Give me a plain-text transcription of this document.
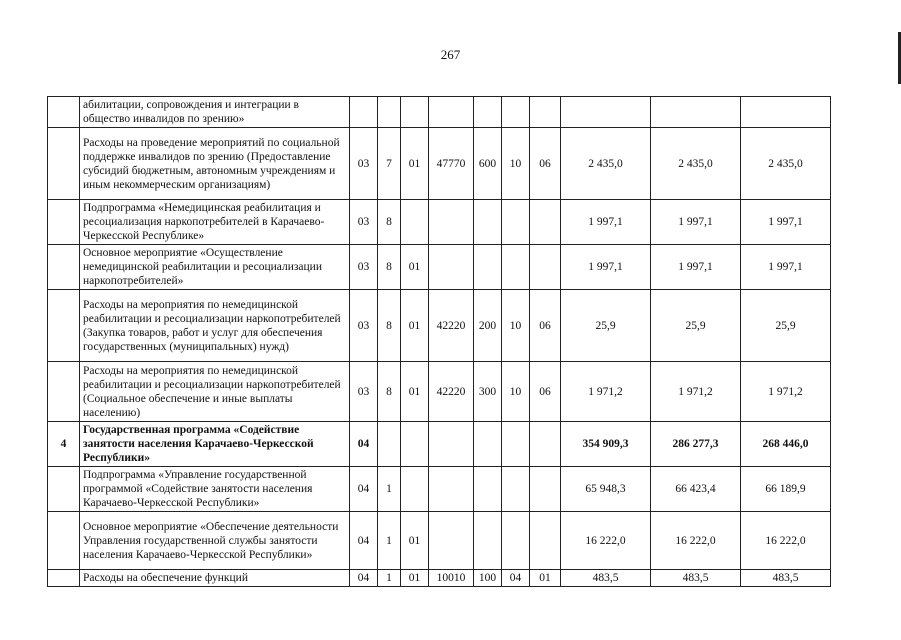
267
	абилитации, сопровождения и интеграции в общество инвалидов по зрению»										
	Расходы на проведение мероприятий по социальной поддержке инвалидов по зрению (Предоставление субсидий бюджетным, автономным учреждениям и иным некоммерческим организациям)	03	7	01	47770	600	10	06	2 435,0	2 435,0	2 435,0
	Подпрограмма «Немедицинская реабилитация и ресоциализация наркопотребителей в Карачаево-Черкесской Республике»	03	8						1 997,1	1 997,1	1 997,1
	Основное мероприятие «Осуществление немедицинской реабилитации и ресоциализации наркопотребителей»	03	8	01					1 997,1	1 997,1	1 997,1
	Расходы на мероприятия по немедицинской реабилитации и ресоциализации наркопотребителей (Закупка товаров, работ и услуг для обеспечения государственных (муниципальных) нужд)	03	8	01	42220	200	10	06	25,9	25,9	25,9
	Расходы на мероприятия по немедицинской реабилитации и ресоциализации наркопотребителей (Социальное обеспечение и иные выплаты населению)	03	8	01	42220	300	10	06	1 971,2	1 971,2	1 971,2
4	Государственная программа «Содействие занятости населения Карачаево-Черкесской Республики»	04							354 909,3	286 277,3	268 446,0
	Подпрограмма «Управление государственной программой «Содействие занятости населения Карачаево-Черкесской Республики»	04	1						65 948,3	66 423,4	66 189,9
	Основное мероприятие «Обеспечение деятельности Управления государственной службы занятости населения Карачаево-Черкесской Республики»	04	1	01					16 222,0	16 222,0	16 222,0
	Расходы на обеспечение функций	04	1	01	10010	100	04	01	483,5	483,5	483,5
